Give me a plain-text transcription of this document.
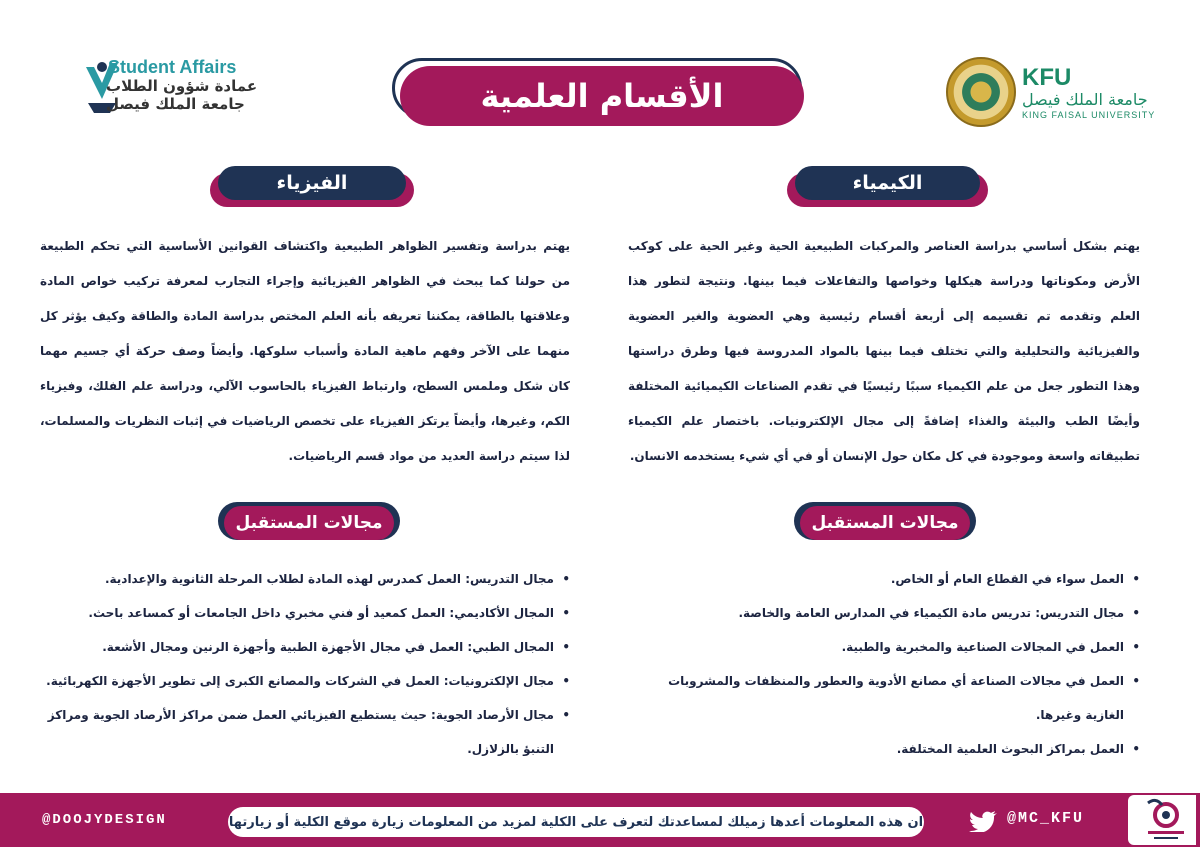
Student Affairs
عمادة شؤون الطلاب
جامعة الملك فيصل	الأقسام العلمية	KFU
جامعة الملك فيصل
KING FAISAL UNIVERSITY
الكيمياء

يهتم بشكل أساسي بدراسة العناصر والمركبات الطبيعية الحية وغير الحية على كوكب الأرض ومكوناتها ودراسة هيكلها وخواصها والتفاعلات فيما بينها. ونتيجة لتطور هذا العلم وتقدمه تم تقسيمه إلى أربعة أقسام رئيسية وهي العضوية والغير العضوية والفيزيائية والتحليلية والتي تختلف فيما بينها بالمواد المدروسة فيها وطرق دراستها وهذا التطور جعل من علم الكيمياء سببًا رئيسيًا في تقدم الصناعات الكيميائية المختلفة وأيضًا الطب والبيئة والغذاء إضافةً إلى مجال الإلكترونيات. باختصار علم الكيمياء تطبيقاته واسعة وموجودة في كل مكان حول الإنسان أو في أي شيء يستخدمه الانسان.

مجالات المستقبل
• العمل سواء في القطاع العام أو الخاص.
• مجال التدريس: تدريس مادة الكيمياء في المدارس العامة والخاصة.
• العمل في المجالات الصناعية والمخبرية والطبية.
• العمل في مجالات الصناعة أي مصانع الأدوية والعطور والمنظفات والمشروبات الغازية وغيرها.
• العمل بمراكز البحوث العلمية المختلفة.
الفيزياء

يهتم بدراسة وتفسير الظواهر الطبيعية واكتشاف القوانين الأساسية التي تحكم الطبيعة من حولنا كما يبحث في الظواهر الفيزيائية وإجراء التجارب لمعرفة تركيب خواص المادة وعلاقتها بالطاقة، يمكننا تعريفه بأنه العلم المختص بدراسة المادة والطاقة وكيف يؤثر كل منهما على الآخر وفهم ماهية المادة وأسباب سلوكها. وأيضاً وصف حركة أي جسيم مهما كان شكل وملمس السطح، وارتباط الفيزياء بالحاسوب الآلي، ودراسة علم الفلك، وفيزياء الكم، وغيرها، وأيضاً يرتكز الفيزياء على تخصص الرياضيات في إثبات النظريات والمسلمات، لذا سيتم دراسة العديد من مواد قسم الرياضيات.

مجالات المستقبل
• مجال التدريس: العمل كمدرس لهذه المادة لطلاب المرحلة الثانوية والإعدادية.
• المجال الأكاديمي: العمل كمعيد أو فني مخبري داخل الجامعات أو كمساعد باحث.
• المجال الطبي: العمل في مجال الأجهزة الطبية وأجهزة الرنين ومجال الأشعة.
• مجال الإلكترونيات: العمل في الشركات والمصانع الكبرى إلى تطوير الأجهزة الكهربائية.
• مجال الأرصاد الجوية: حيث يستطيع الفيزيائي العمل ضمن مراكز الأرصاد الجوية ومراكز التنبؤ بالزلازل.
@DOOJYDESIGN	ان هذه المعلومات أعدها زميلك لمساعدتك لتعرف على الكلية لمزيد من المعلومات زيارة موقع الكلية أو زيارتها	@MC_KFU
